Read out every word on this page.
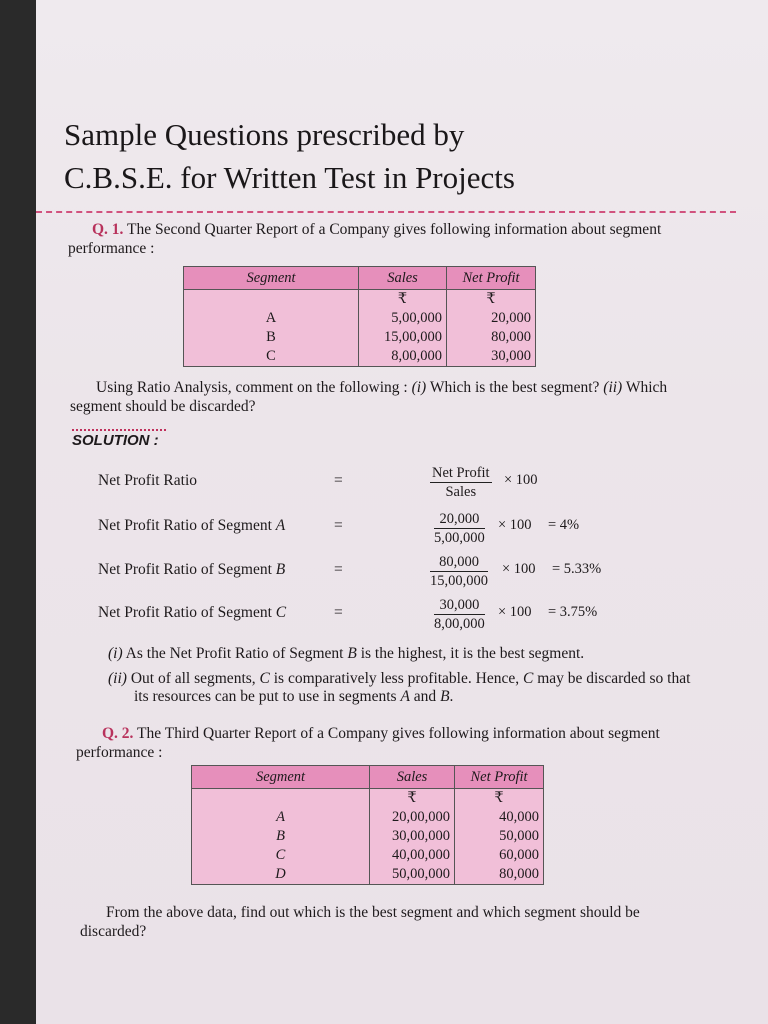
Sample Questions prescribed by
C.B.S.E. for Written Test in Projects
Q. 1. The Second Quarter Report of a Company gives following information about segment performance :
Segment	Sales	Net Profit
	₹	₹
A	5,00,000	20,000
B	15,00,000	80,000
C	8,00,000	30,000
Using Ratio Analysis, comment on the following : (i) Which is the best segment? (ii) Which segment should be discarded?
SOLUTION :
Net Profit Ratio	=	Net Profit
Sales
× 100
Net Profit Ratio of Segment A	=	$\frac{20,000}{5,00,000} \times 100 = 4\%$
Net Profit Ratio of Segment B	=	$\frac{80,000}{15,00,000} \times 100 = 5.33\%$
Net Profit Ratio of Segment C	=	$\frac{30,000}{8,00,000} \times 100 = 3.75\%$
(i) As the Net Profit Ratio of Segment B is the highest, it is the best segment.
(ii) Out of all segments, C is comparatively less profitable. Hence, C may be discarded so that its resources can be put to use in segments A and B.
Q. 2. The Third Quarter Report of a Company gives following information about segment performance :
Segment	Sales	Net Profit
	₹	₹
A	20,00,000	40,000
B	30,00,000	50,000
C	40,00,000	60,000
D	50,00,000	80,000
From the above data, find out which is the best segment and which segment should be discarded?
